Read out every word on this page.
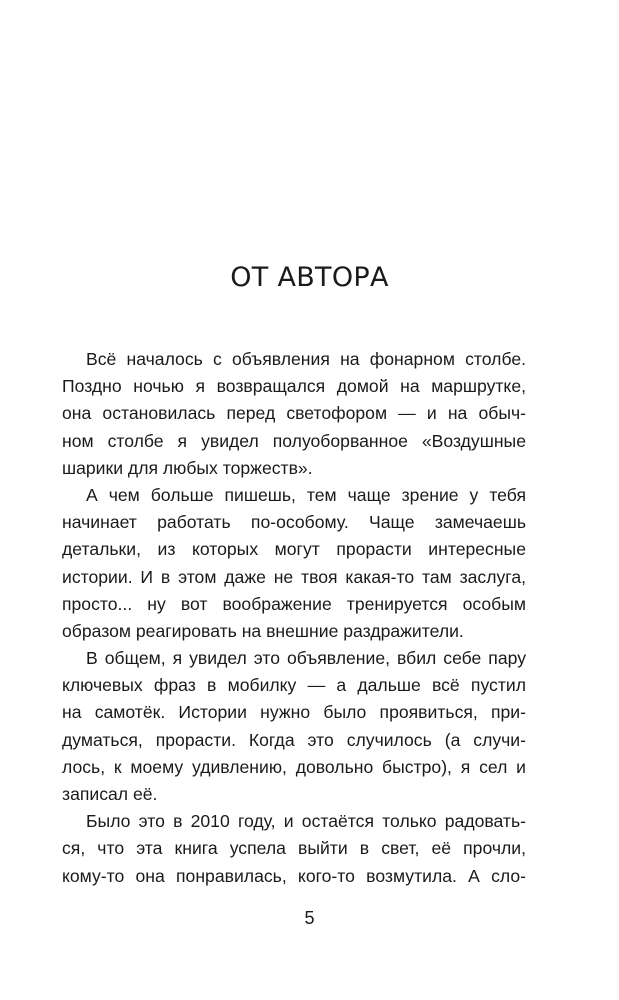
ОТ АВТОРА
Всё началось с объявления на фонарном столбе.
Поздно ночью я возвращался домой на маршрутке,
она остановилась перед светофором — и на обыч-
ном столбе я увидел полуоборванное «Воздушные
шарики для любых торжеств».
А чем больше пишешь, тем чаще зрение у тебя
начинает работать по-особому. Чаще замечаешь
детальки, из которых могут прорасти интересные
истории. И в этом даже не твоя какая-то там заслуга,
просто... ну вот воображение тренируется особым
образом реагировать на внешние раздражители.
В общем, я увидел это объявление, вбил себе пару
ключевых фраз в мобилку — а дальше всё пустил
на самотёк. Истории нужно было проявиться, при-
думаться, прорасти. Когда это случилось (а случи-
лось, к моему удивлению, довольно быстро), я сел и
записал её.
Было это в 2010 году, и остаётся только радовать-
ся, что эта книга успела выйти в свет, её прочли,
кому-то она понравилась, кого-то возмутила. А сло-
5
